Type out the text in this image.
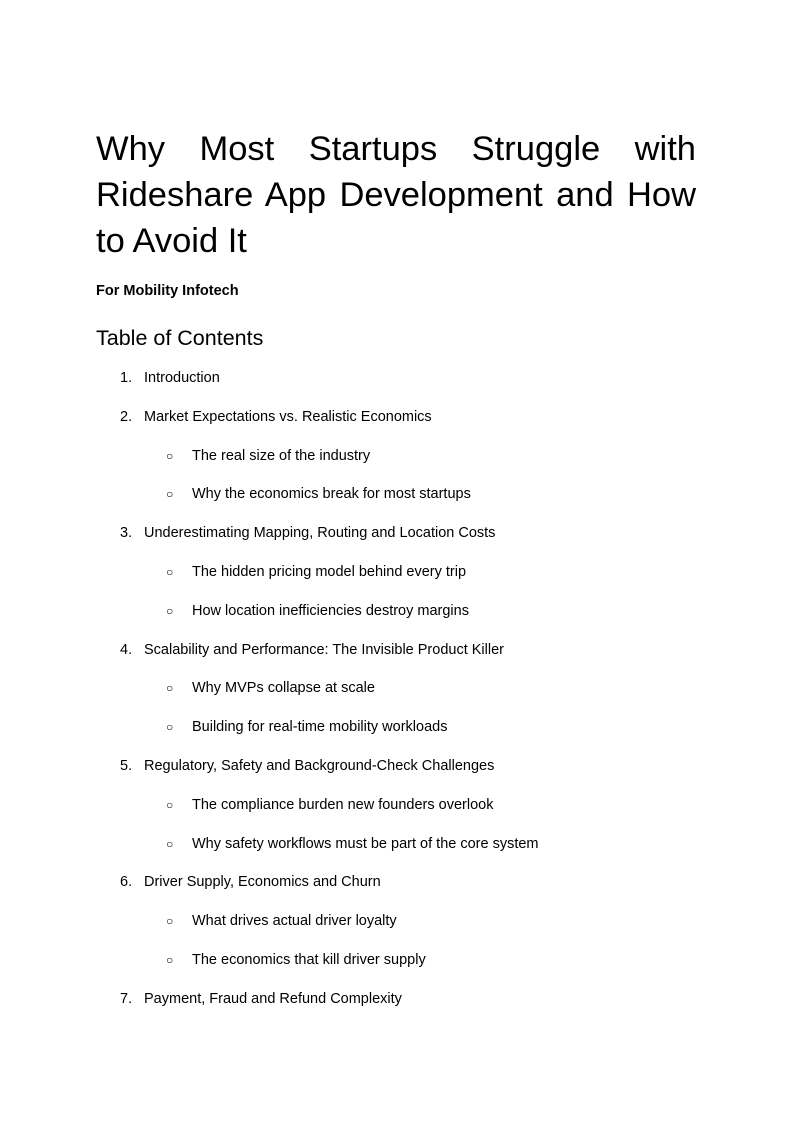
Why Most Startups Struggle with Rideshare App Development and How to Avoid It

For Mobility Infotech

Table of Contents
1. Introduction
2. Market Expectations vs. Realistic Economics
○ The real size of the industry
○ Why the economics break for most startups
3. Underestimating Mapping, Routing and Location Costs
○ The hidden pricing model behind every trip
○ How location inefficiencies destroy margins
4. Scalability and Performance: The Invisible Product Killer
○ Why MVPs collapse at scale
○ Building for real-time mobility workloads
5. Regulatory, Safety and Background-Check Challenges
○ The compliance burden new founders overlook
○ Why safety workflows must be part of the core system
6. Driver Supply, Economics and Churn
○ What drives actual driver loyalty
○ The economics that kill driver supply
7. Payment, Fraud and Refund Complexity
